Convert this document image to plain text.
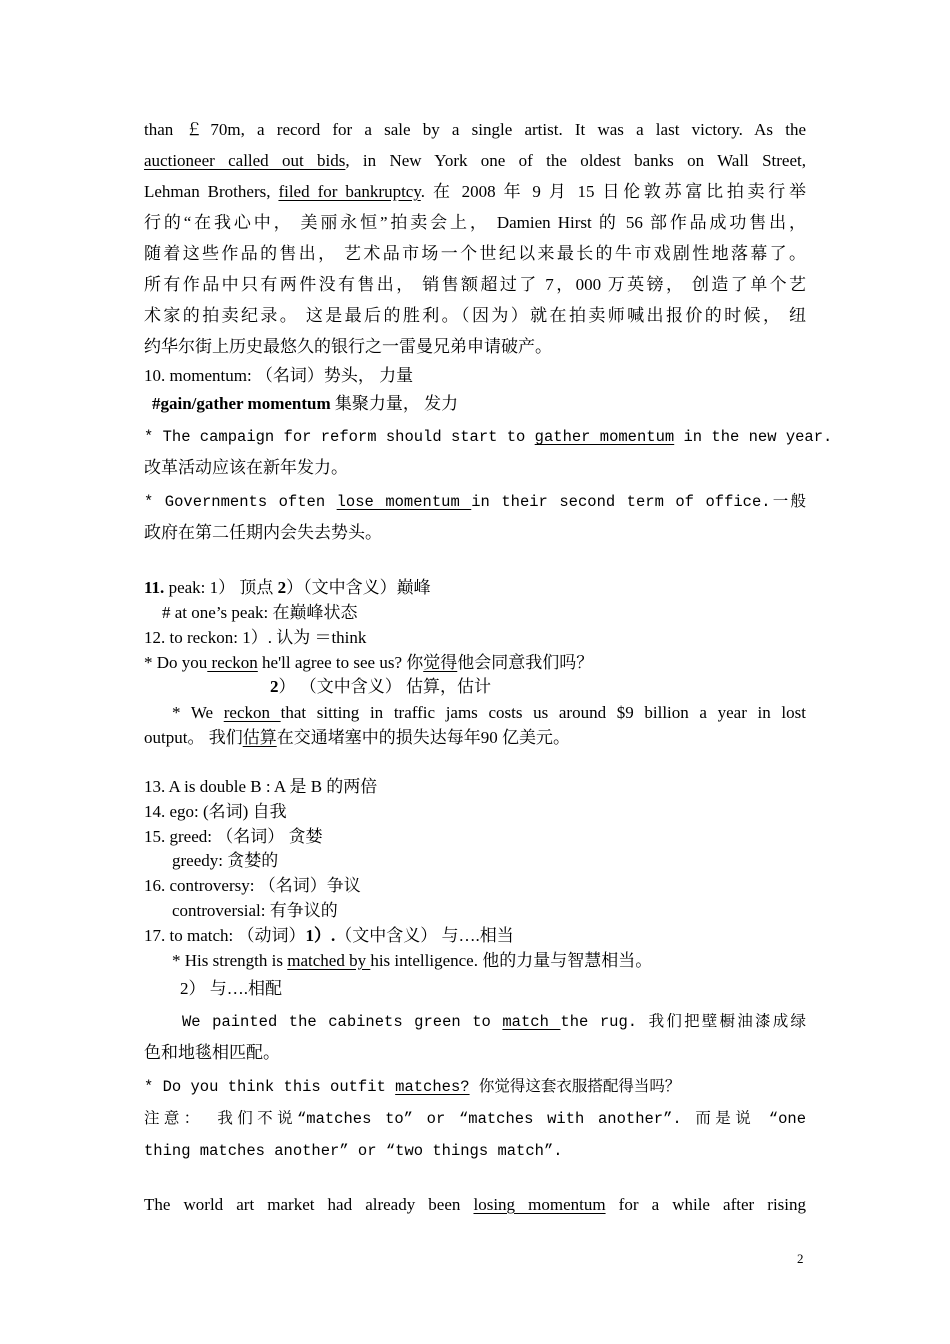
than ￡70m, a record for a sale by a single artist. It was a last victory. As the
auctioneer called out bids, in New York one of the oldest banks on Wall Street,
Lehman Brothers, filed for bankruptcy. 在 2008 年 9 月 15 日伦敦苏富比拍卖行举
行的“在我心中， 美丽永恒”拍卖会上， Damien Hirst 的 56 部作品成功售出，
随着这些作品的售出， 艺术品市场一个世纪以来最长的牛市戏剧性地落幕了。
所有作品中只有两件没有售出， 销售额超过了 7，000 万英镑， 创造了单个艺
术家的拍卖纪录。 这是最后的胜利。（因为）就在拍卖师喊出报价的时候， 纽
约华尔街上历史最悠久的银行之一雷曼兄弟申请破产。
10. momentum: （名词）势头， 力量
#gain/gather momentum 集聚力量， 发力
* The campaign for reform should start to gather momentum in the new year.
改革活动应该在新年发力。
* Governments often lose momentum in their second term of office.一般
政府在第二任期内会失去势头。
11. peak: 1） 顶点 2）（文中含义）巅峰
# at one’s peak: 在巅峰状态
12. to reckon: 1）. 认为 ＝think
* Do you reckon he'll agree to see us? 你觉得他会同意我们吗？
2） （文中含义） 估算，估计
* We reckon that sitting in traffic jams costs us around $9 billion a year in lost
output。 我们估算在交通堵塞中的损失达每年90 亿美元。
13. A is double B : A 是 B 的两倍
14. ego: (名词) 自我
15. greed: （名词） 贪婪
greedy: 贪婪的
16. controversy: （名词）争议
controversial: 有争议的
17. to match: （动词）1）.（文中含义） 与….相当
* His strength is matched by his intelligence. 他的力量与智慧相当。
2） 与….相配
We painted the cabinets green to match the rug. 我们把壁橱油漆成绿
色和地毯相匹配。
* Do you think this outfit matches? 你觉得这套衣服搭配得当吗？
注意： 我们不说“matches to” or “matches with another”. 而是说 “one
thing matches another” or “two things match”.
The world art market had already been losing momentum for a while after rising
2
